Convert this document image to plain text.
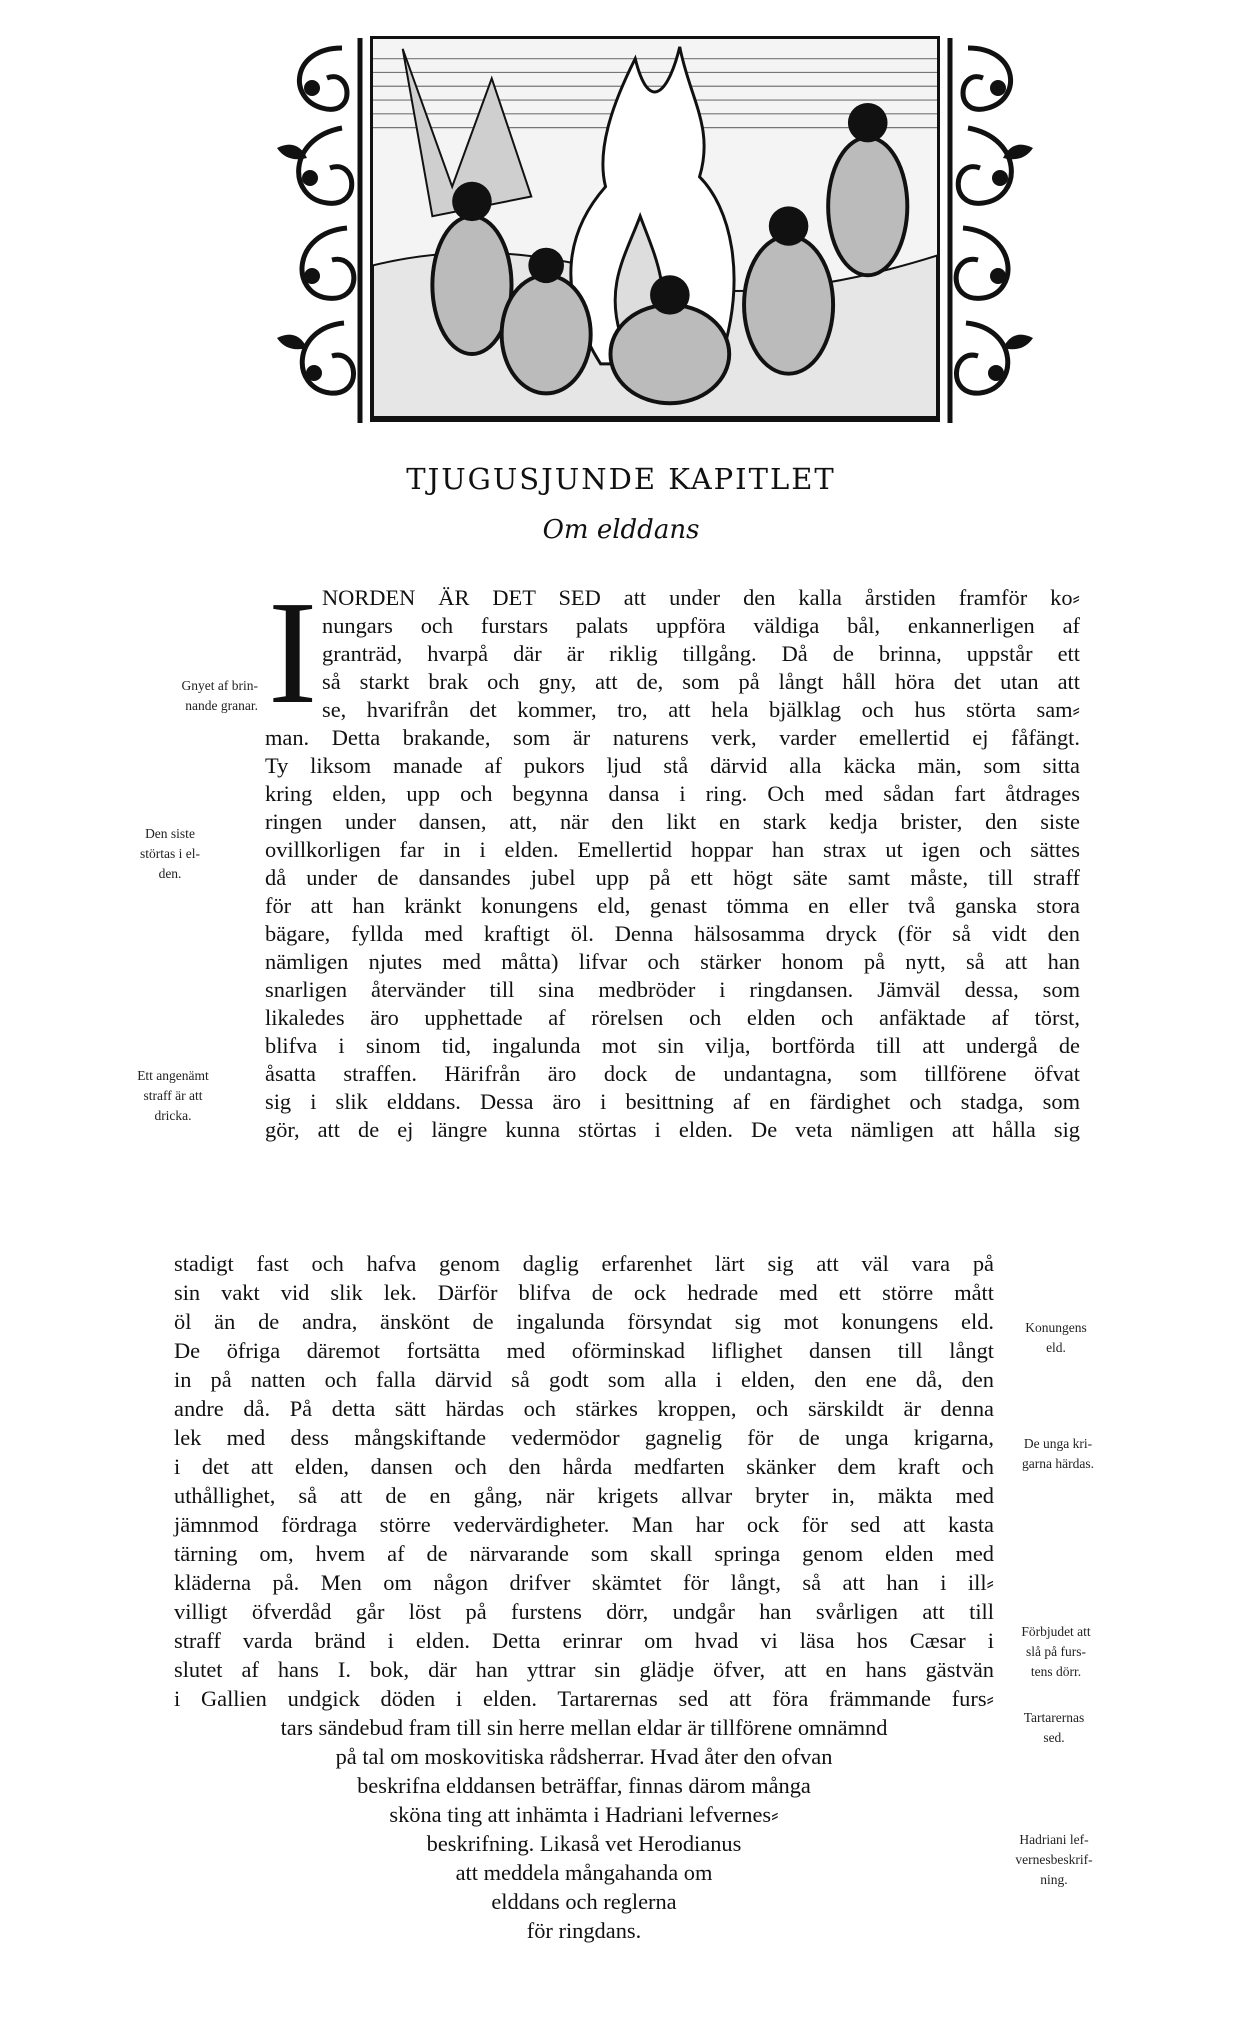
TJUGUSJUNDE KAPITLET
Om elddans
I NORDEN ÄR DET SED att under den kalla årstiden framför ko⸗
nungars och furstars palats uppföra väldiga bål, enkannerligen af
granträd, hvarpå där är riklig tillgång. Då de brinna, uppstår ett
så starkt brak och gny, att de, som på långt håll höra det utan att
se, hvarifrån det kommer, tro, att hela bjälklag och hus störta sam⸗
man. Detta brakande, som är naturens verk, varder emellertid ej fåfängt.
Ty liksom manade af pukors ljud stå därvid alla käcka män, som sitta
kring elden, upp och begynna dansa i ring. Och med sådan fart åtdrages
ringen under dansen, att, när den likt en stark kedja brister, den siste
ovillkorligen far in i elden. Emellertid hoppar han strax ut igen och sättes
då under de dansandes jubel upp på ett högt säte samt måste, till straff
för att han kränkt konungens eld, genast tömma en eller två ganska stora
bägare, fyllda med kraftigt öl. Denna hälsosamma dryck (för så vidt den
nämligen njutes med måtta) lifvar och stärker honom på nytt, så att han
snarligen återvänder till sina medbröder i ringdansen. Jämväl dessa, som
likaledes äro upphettade af rörelsen och elden och anfäktade af törst,
blifva i sinom tid, ingalunda mot sin vilja, bortförda till att undergå de
åsatta straffen. Härifrån äro dock de undantagna, som tillförene öfvat
sig i slik elddans. Dessa äro i besittning af en färdighet och stadga, som
gör, att de ej längre kunna störtas i elden. De veta nämligen att hålla sig
Gnyet af brin-
nande granar.
Den siste
störtas i el-
den.
Ett angenämt
straff är att
dricka.
stadigt fast och hafva genom daglig erfarenhet lärt sig att väl vara på
sin vakt vid slik lek. Därför blifva de ock hedrade med ett större mått
öl än de andra, änskönt de ingalunda försyndat sig mot konungens eld.
De öfriga däremot fortsätta med oförminskad liflighet dansen till långt
in på natten och falla därvid så godt som alla i elden, den ene då, den
andre då. På detta sätt härdas och stärkes kroppen, och särskildt är denna
lek med dess mångskiftande vedermödor gagnelig för de unga krigarna,
i det att elden, dansen och den hårda medfarten skänker dem kraft och
uthållighet, så att de en gång, när krigets allvar bryter in, mäkta med
jämnmod fördraga större vedervärdigheter. Man har ock för sed att kasta
tärning om, hvem af de närvarande som skall springa genom elden med
kläderna på. Men om någon drifver skämtet för långt, så att han i ill⸗
villigt öfverdåd går löst på furstens dörr, undgår han svårligen att till
straff varda bränd i elden. Detta erinrar om hvad vi läsa hos Cæsar i
slutet af hans I. bok, där han yttrar sin glädje öfver, att en hans gästvän
i Gallien undgick döden i elden. Tartarernas sed att föra främmande furs⸗
tars sändebud fram till sin herre mellan eldar är tillförene omnämnd
på tal om moskovitiska rådsherrar. Hvad åter den ofvan
beskrifna elddansen beträffar, finnas därom många
sköna ting att inhämta i Hadriani lefvernes⸗
beskrifning. Likaså vet Herodianus
att meddela mångahanda om
elddans och reglerna
för ringdans.
Konungens
eld.
De unga kri-
garna härdas.
Förbjudet att
slå på furs-
tens dörr.
Tartarernas
sed.
Hadriani lef-
vernesbeskrif-
ning.
